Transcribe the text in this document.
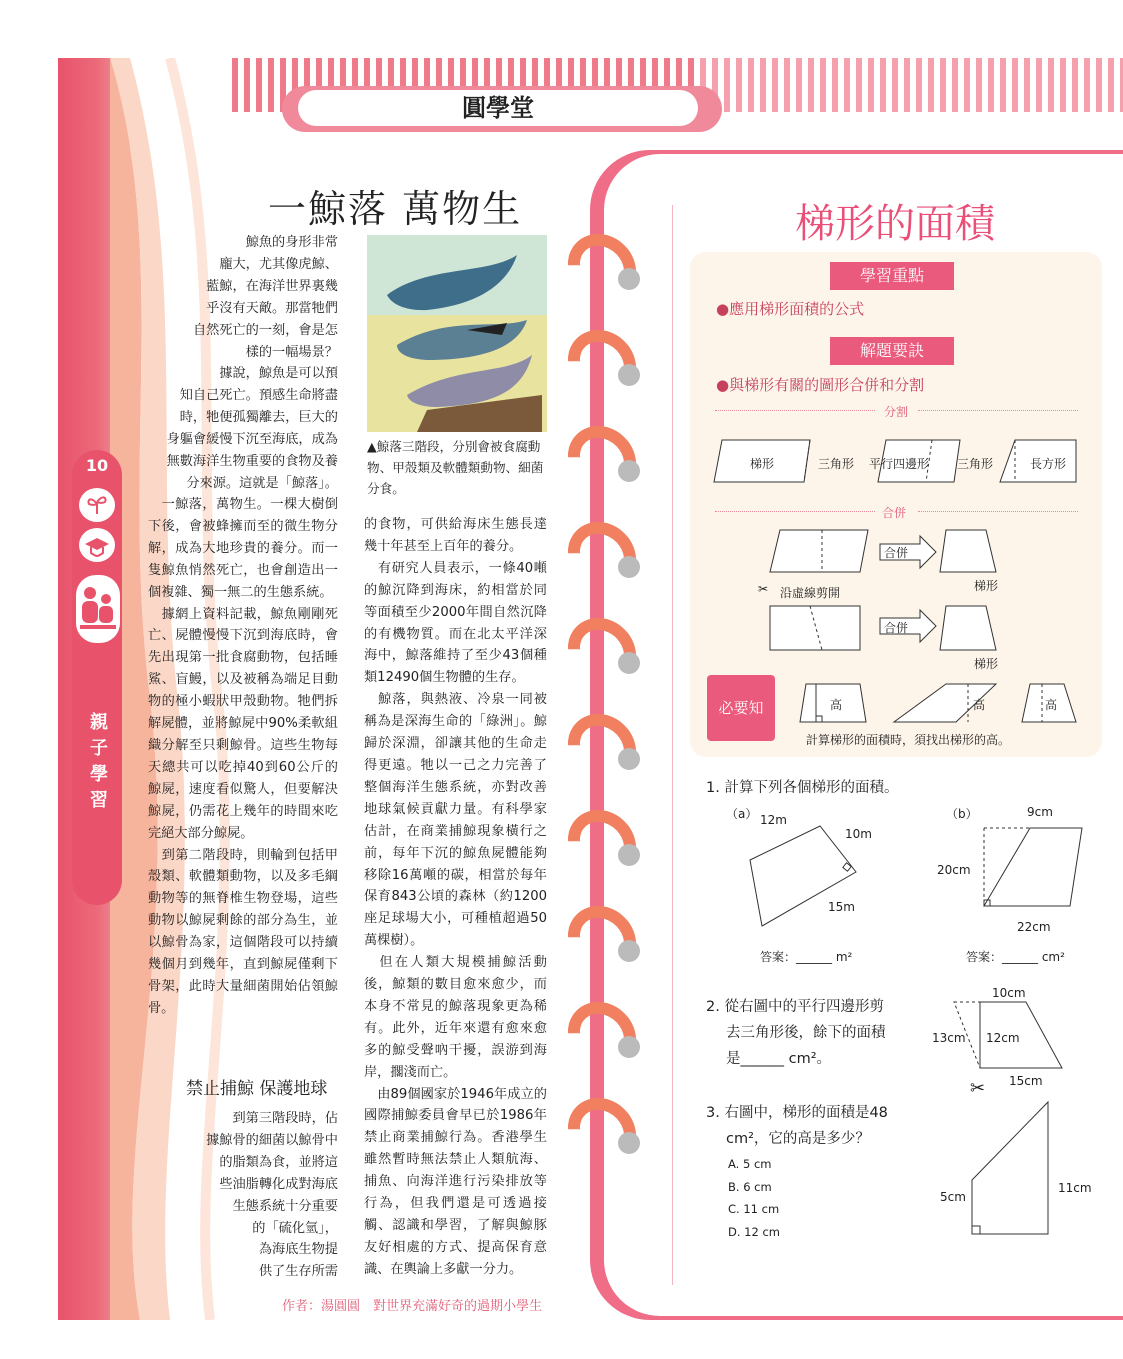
圓學堂
10
親子學習
一鯨落 萬物生

鯨魚的身形非常
龐大，尤其像虎鯨、
藍鯨，在海洋世界裏幾
乎沒有天敵。那當牠們
自然死亡的一刻，會是怎
樣的一幅場景？
　據說，鯨魚是可以預
知自己死亡。預感生命將盡
時，牠便孤獨離去，巨大的
身軀會緩慢下沉至海底，成為
無數海洋生物重要的食物及養
分來源。這就是「鯨落」。

　一鯨落，萬物生。一棵大樹倒下後，會被蜂擁而至的微生物分解，成為大地珍貴的養分。而一隻鯨魚悄然死亡，也會創造出一個複雜、獨一無二的生態系統。
　據網上資料記載，鯨魚剛剛死亡、屍體慢慢下沉到海底時，會先出現第一批食腐動物，包括睡鯊、盲鰻，以及被稱為端足目動物的極小蝦狀甲殼動物。牠們拆解屍體，並將鯨屍中90%柔軟組織分解至只剩鯨骨。這些生物每天總共可以吃掉40到60公斤的鯨屍，速度看似驚人，但要解決鯨屍，仍需花上幾年的時間來吃完絕大部分鯨屍。
　到第二階段時，則輪到包括甲殼類、軟體類動物，以及多毛綱動物等的無脊椎生物登場，這些動物以鯨屍剩餘的部分為生，並以鯨骨為家，這個階段可以持續幾個月到幾年，直到鯨屍僅剩下骨架，此時大量細菌開始佔領鯨骨。

禁止捕鯨 保護地球

到第三階段時，佔
據鯨骨的細菌以鯨骨中
的脂類為食，並將這
些油脂轉化成對海底
生態系統十分重要
的「硫化氫」，
為海底生物提
供了生存所需

▲鯨落三階段，分別會被食腐動物、甲殼類及軟體類動物、細菌分食。

的食物，可供給海床生態長達幾十年甚至上百年的養分。
　有研究人員表示，一條40噸的鯨沉降到海床，約相當於同等面積至少2000年間自然沉降的有機物質。而在北太平洋深海中，鯨落維持了至少43個種類12490個生物體的生存。
　鯨落，與熱液、冷泉一同被稱為是深海生命的「綠洲」。鯨歸於深淵，卻讓其他的生命走得更遠。牠以一己之力完善了整個海洋生態系統，亦對改善地球氣候貢獻力量。有科學家估計，在商業捕鯨現象橫行之前，每年下沉的鯨魚屍體能夠移除16萬噸的碳，相當於每年保育843公頃的森林（約1200座足球場大小，可種植超過50萬棵樹）。
　但在人類大規模捕鯨活動後，鯨類的數目愈來愈少，而本身不常見的鯨落現象更為稀有。此外，近年來還有愈來愈多的鯨受聲吶干擾，誤游到海岸，擱淺而亡。
　由89個國家於1946年成立的國際捕鯨委員會早已於1986年禁止商業捕鯨行為。香港學生雖然暫時無法禁止人類航海、捕魚、向海洋進行污染排放等行為，但我們還是可透過接觸、認識和學習，了解與鯨豚友好相處的方式、提高保育意識、在輿論上多獻一分力。

作者：湯圓圓　對世界充滿好奇的過期小學生
梯形的面積
學習重點
●應用梯形面積的公式
解題要訣
●與梯形有關的圖形合併和分割
分割
梯形	三角形 平行四邊形 三角形	長方形
合併
合併
合併
✂ 沿虛線剪開	梯形
梯形
必要知	高	高	高
計算梯形的面積時，須找出梯形的高。
1. 計算下列各個梯形的面積。
（a） 12m
10m
15m
答案：______ m²
（b）	9cm
20cm
22cm
答案：______ cm²
2. 從右圖中的平行四邊形剪
去三角形後，餘下的面積
是______ cm²。
10cm
13cm 12cm
15cm
✂
3. 右圖中，梯形的面積是48
cm²，它的高是多少？
A. 5 cm
B. 6 cm
C. 11 cm
D. 12 cm
5cm
11cm
